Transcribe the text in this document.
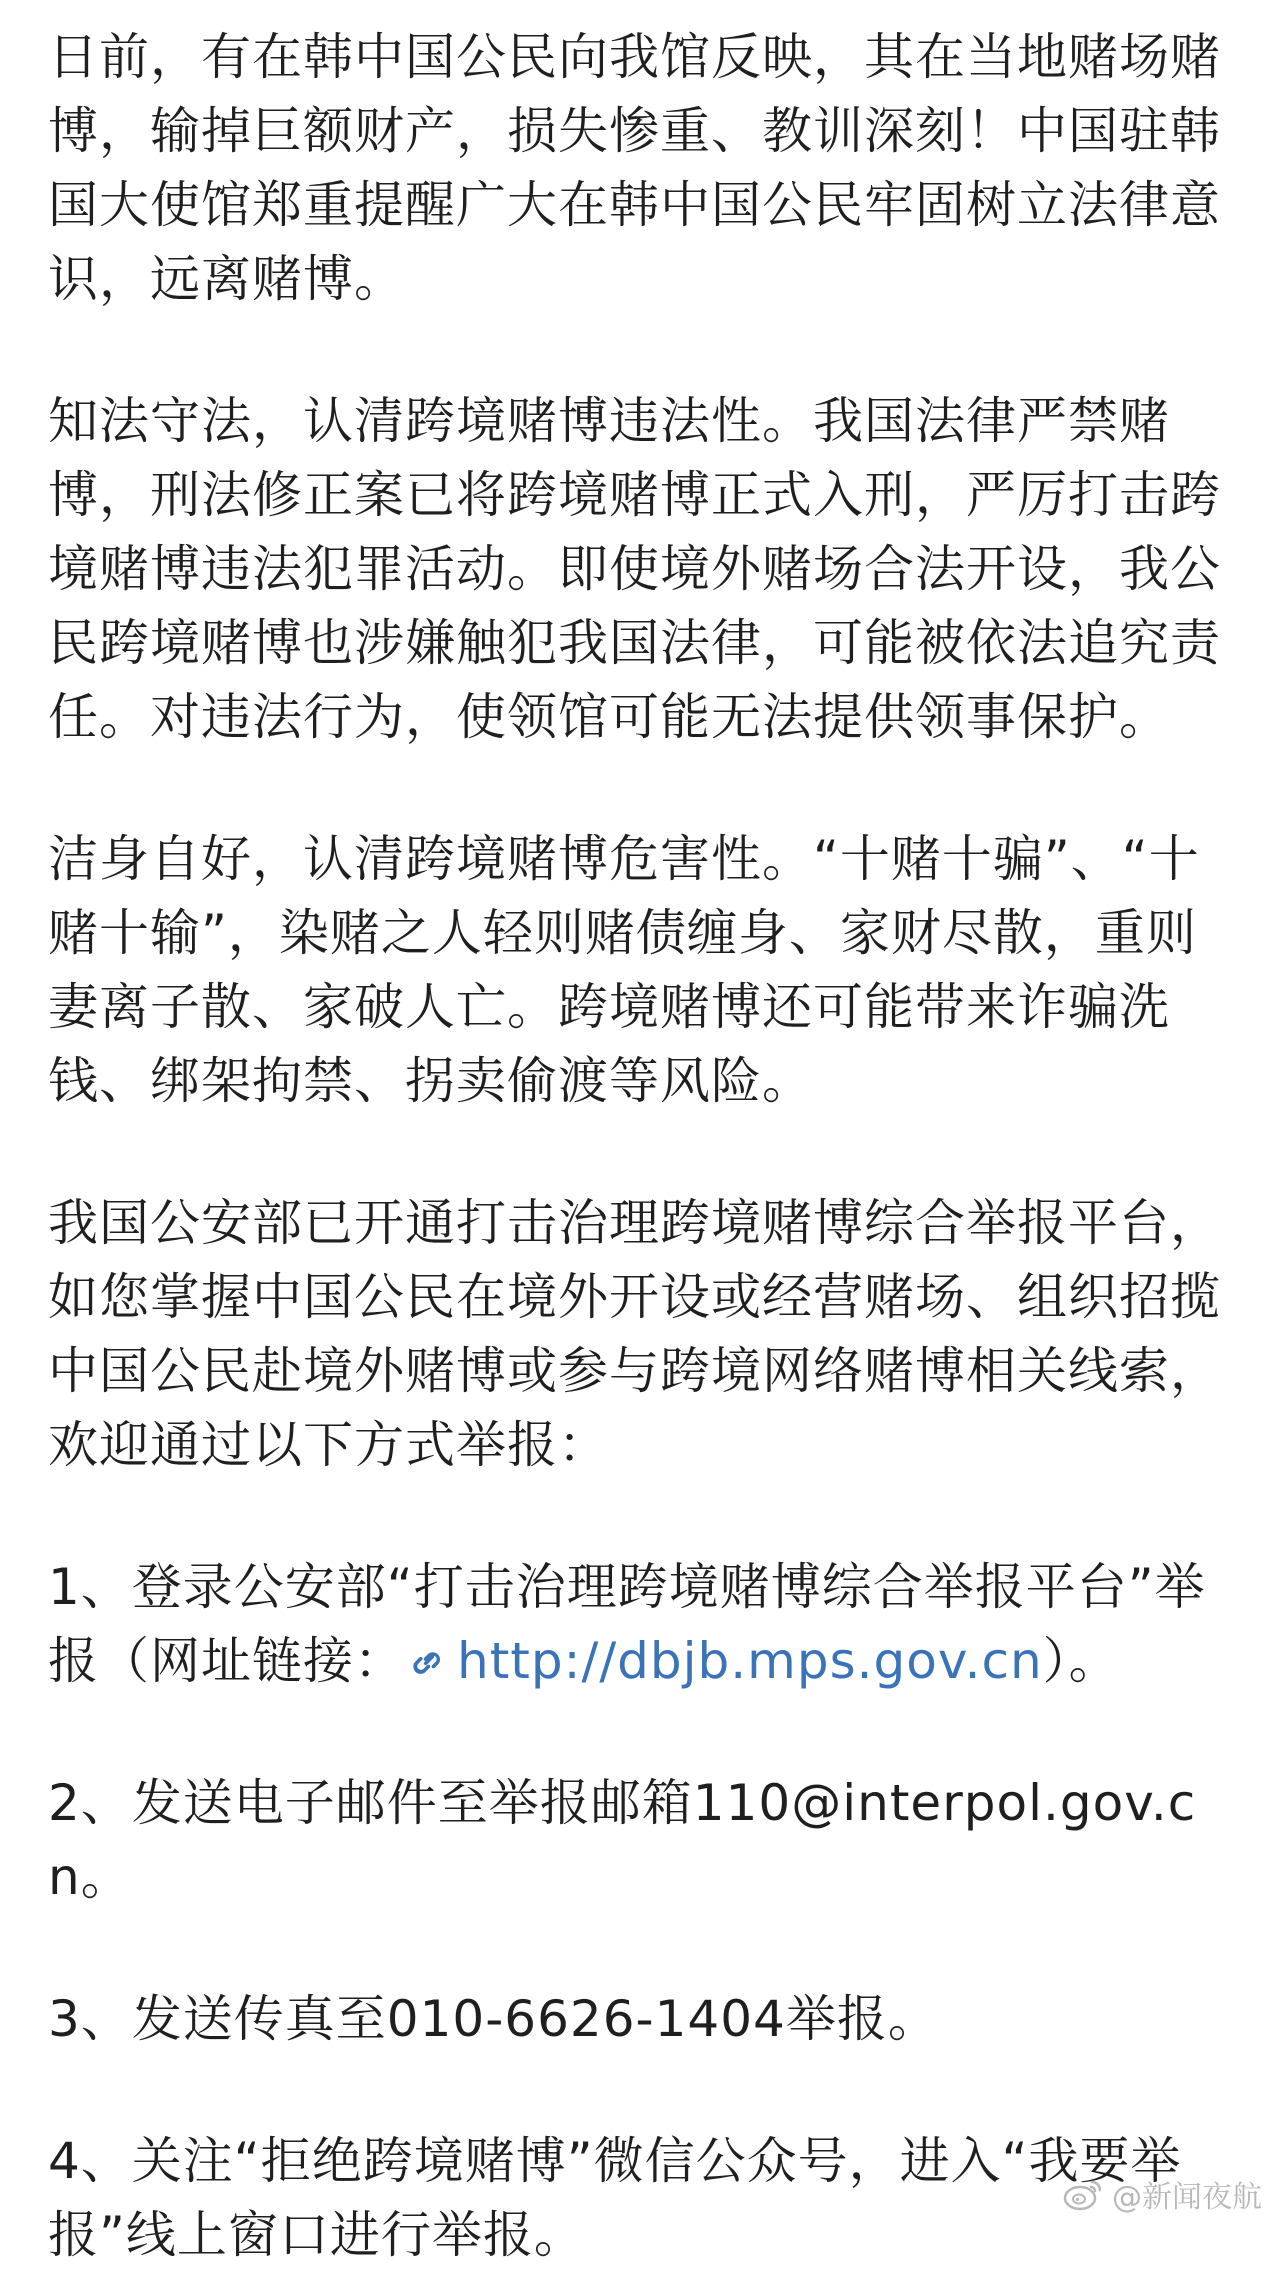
日前，有在韩中国公民向我馆反映，其在当地赌场赌博，输掉巨额财产，损失惨重、教训深刻！中国驻韩国大使馆郑重提醒广大在韩中国公民牢固树立法律意识，远离赌博。

知法守法，认清跨境赌博违法性。我国法律严禁赌博，刑法修正案已将跨境赌博正式入刑，严厉打击跨境赌博违法犯罪活动。即使境外赌场合法开设，我公民跨境赌博也涉嫌触犯我国法律，可能被依法追究责任。对违法行为，使领馆可能无法提供领事保护。

洁身自好，认清跨境赌博危害性。“十赌十骗”、“十赌十输”，染赌之人轻则赌债缠身、家财尽散，重则妻离子散、家破人亡。跨境赌博还可能带来诈骗洗钱、绑架拘禁、拐卖偷渡等风险。

我国公安部已开通打击治理跨境赌博综合举报平台，如您掌握中国公民在境外开设或经营赌场、组织招揽中国公民赴境外赌博或参与跨境网络赌博相关线索，欢迎通过以下方式举报：

1、登录公安部“打击治理跨境赌博综合举报平台”举报（网址链接： http://dbjb.mps.gov.cn）。

2、发送电子邮件至举报邮箱110@interpol.gov.cn。

3、发送传真至010-6626-1404举报。

4、关注“拒绝跨境赌博”微信公众号，进入“我要举报”线上窗口进行举报。

@新闻夜航
